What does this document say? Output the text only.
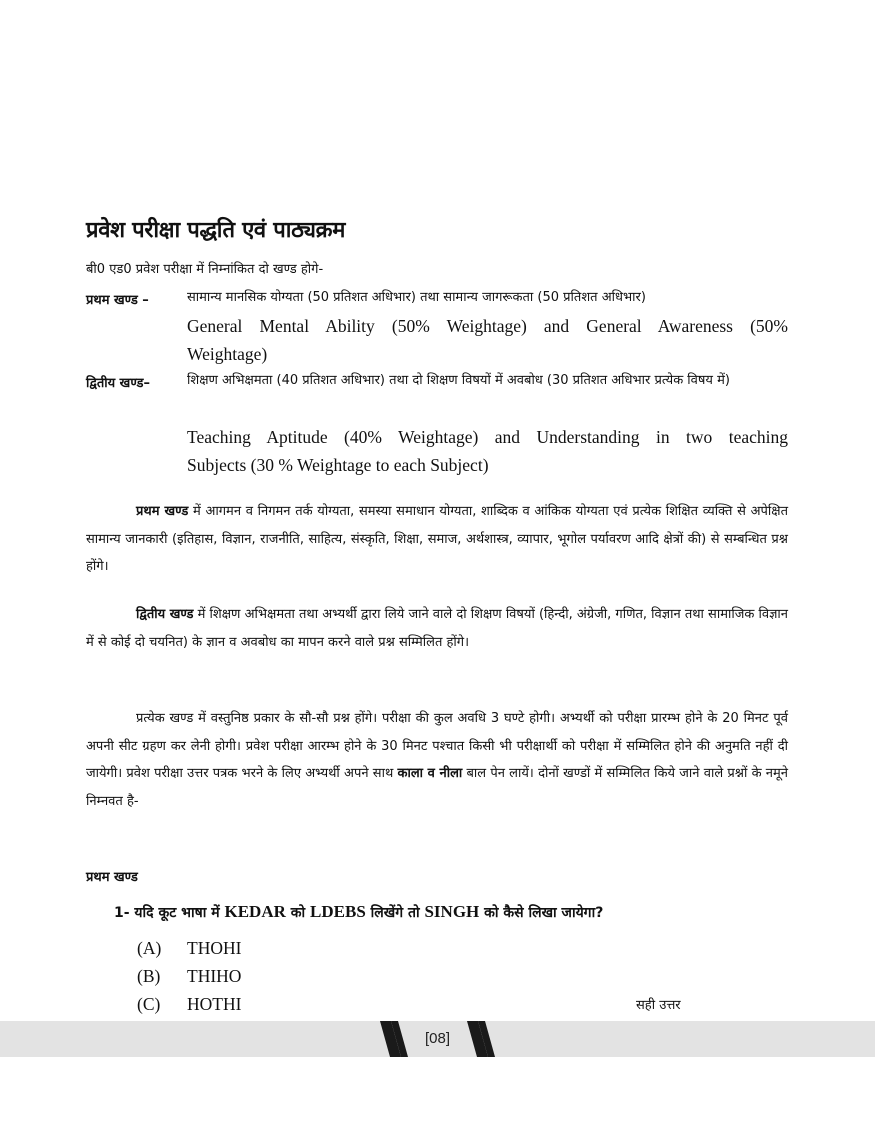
प्रवेश परीक्षा पद्धति एवं पाठ्यक्रम
बी0 एड0 प्रवेश परीक्षा में निम्नांकित दो खण्ड होगे-
प्रथम खण्ड –	सामान्य मानसिक योग्यता (50 प्रतिशत अधिभार) तथा सामान्य जागरूकता (50 प्रतिशत अधिभार)
General Mental Ability (50% Weightage) and General Awareness (50%
Weightage)
द्वितीय खण्ड–	शिक्षण अभिक्षमता (40 प्रतिशत अधिभार) तथा दो शिक्षण विषयों में अवबोध (30 प्रतिशत अधिभार प्रत्येक विषय में)
Teaching Aptitude (40% Weightage) and Understanding in two teaching
Subjects (30 % Weightage to each Subject)
प्रथम खण्ड में आगमन व निगमन तर्क योग्यता, समस्या समाधान योग्यता, शाब्दिक व आंकिक योग्यता एवं प्रत्येक शिक्षित व्यक्ति से अपेक्षित सामान्य जानकारी (इतिहास, विज्ञान, राजनीति, साहित्य, संस्कृति, शिक्षा, समाज, अर्थशास्त्र, व्यापार, भूगोल पर्यावरण आदि क्षेत्रों की) से सम्बन्धित प्रश्न होंगे।
द्वितीय खण्ड में शिक्षण अभिक्षमता तथा अभ्यर्थी द्वारा लिये जाने वाले दो शिक्षण विषयों (हिन्दी, अंग्रेजी, गणित, विज्ञान तथा सामाजिक विज्ञान में से कोई दो चयनित) के ज्ञान व अवबोध का मापन करने वाले प्रश्न सम्मिलित होंगे।
प्रत्येक खण्ड में वस्तुनिष्ठ प्रकार के सौ-सौ प्रश्न होंगे। परीक्षा की कुल अवधि 3 घण्टे होगी। अभ्यर्थी को परीक्षा प्रारम्भ होने के 20 मिनट पूर्व अपनी सीट ग्रहण कर लेनी होगी। प्रवेश परीक्षा आरम्भ होने के 30 मिनट पश्चात किसी भी परीक्षार्थी को परीक्षा में सम्मिलित होने की अनुमति नहीं दी जायेगी। प्रवेश परीक्षा उत्तर पत्रक भरने के लिए अभ्यर्थी अपने साथ काला व नीला बाल पेन लायें। दोनों खण्डों में सम्मिलित किये जाने वाले प्रश्नों के नमूने निम्नवत है-
प्रथम खण्ड
1- यदि कूट भाषा में KEDAR को LDEBS लिखेंगे तो SINGH को कैसे लिखा जायेगा?
(A) THOHI
(B) THIHO
(C) HOTHI	सही उत्तर
[08]
